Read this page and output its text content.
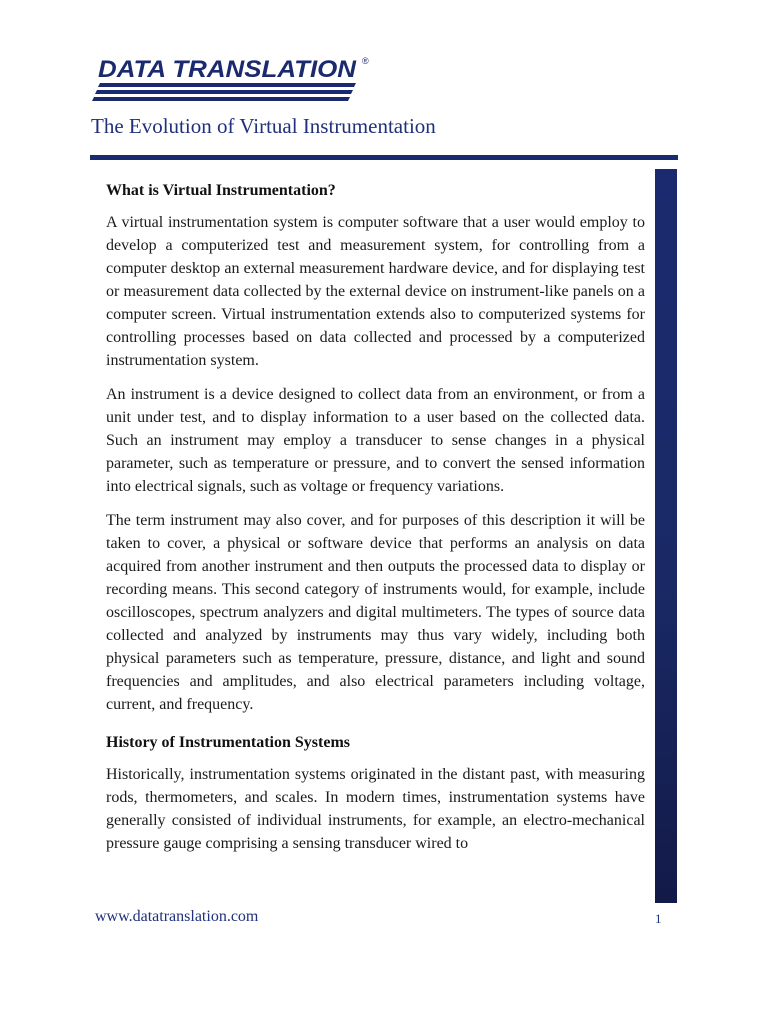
DATA TRANSLATION ®
The Evolution of Virtual Instrumentation
What is Virtual Instrumentation?

A virtual instrumentation system is computer software that a user would employ to develop a computerized test and measurement system, for controlling from a computer desktop an external measurement hardware device, and for displaying test or measurement data collected by the external device on instrument-like panels on a computer screen. Virtual instrumentation extends also to computerized systems for controlling processes based on data collected and processed by a computerized instrumentation system.

An instrument is a device designed to collect data from an environment, or from a unit under test, and to display information to a user based on the collected data. Such an instrument may employ a transducer to sense changes in a physical parameter, such as temperature or pressure, and to convert the sensed information into electrical signals, such as voltage or frequency variations.

The term instrument may also cover, and for purposes of this description it will be taken to cover, a physical or software device that performs an analysis on data acquired from another instrument and then outputs the processed data to display or recording means. This second category of instruments would, for example, include oscilloscopes, spectrum analyzers and digital multimeters. The types of source data collected and analyzed by instruments may thus vary widely, including both physical parameters such as temperature, pressure, distance, and light and sound frequencies and amplitudes, and also electrical parameters including voltage, current, and frequency.

History of Instrumentation Systems

Historically, instrumentation systems originated in the distant past, with measuring rods, thermometers, and scales. In modern times, instrumentation systems have generally consisted of individual instruments, for example, an electro-mechanical pressure gauge comprising a sensing transducer wired to

www.datatranslation.com	1
